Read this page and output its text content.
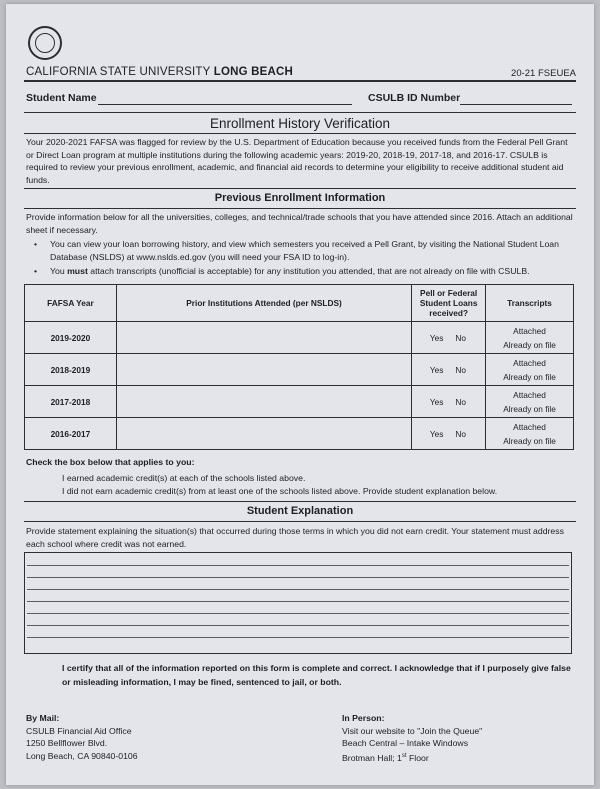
CALIFORNIA STATE UNIVERSITY LONG BEACH	20-21 FSEUEA
Student Name	CSULB ID Number
Enrollment History Verification
Your 2020-2021 FAFSA was flagged for review by the U.S. Department of Education because you received funds from the Federal Pell Grant or Direct Loan program at multiple institutions during the following academic years: 2019-20, 2018-19, 2017-18, and 2016-17. CSULB is required to review your previous enrollment, academic, and financial aid records to determine your eligibility to receive additional student aid funds.
Previous Enrollment Information
Provide information below for all the universities, colleges, and technical/trade schools that you have attended since 2016. Attach an additional sheet if necessary.
• You can view your loan borrowing history, and view which semesters you received a Pell Grant, by visiting the National Student Loan Database (NSLDS) at www.nslds.ed.gov (you will need your FSA ID to log-in).
• You must attach transcripts (unofficial is acceptable) for any institution you attended, that are not already on file with CSULB.
FAFSA Year	Prior Institutions Attended (per NSLDS)	Pell or Federal Student Loans received?	Transcripts
2019-2020		Yes No	Attached
Already on file

2018-2019		Yes No	Attached
Already on file

2017-2018		Yes No	Attached
Already on file

2016-2017		Yes No	Attached
Already on file
Check the box below that applies to you:
I earned academic credit(s) at each of the schools listed above.
I did not earn academic credit(s) from at least one of the schools listed above. Provide student explanation below.
Student Explanation
Provide statement explaining the situation(s) that occurred during those terms in which you did not earn credit. Your statement must address each school where credit was not earned.
I certify that all of the information reported on this form is complete and correct. I acknowledge that if I purposely give false or misleading information, I may be fined, sentenced to jail, or both.
By Mail:
CSULB Financial Aid Office
1250 Bellflower Blvd.
Long Beach, CA 90840-0106
In Person:
Visit our website to "Join the Queue"
Beach Central – Intake Windows
Brotman Hall; 1st Floor
